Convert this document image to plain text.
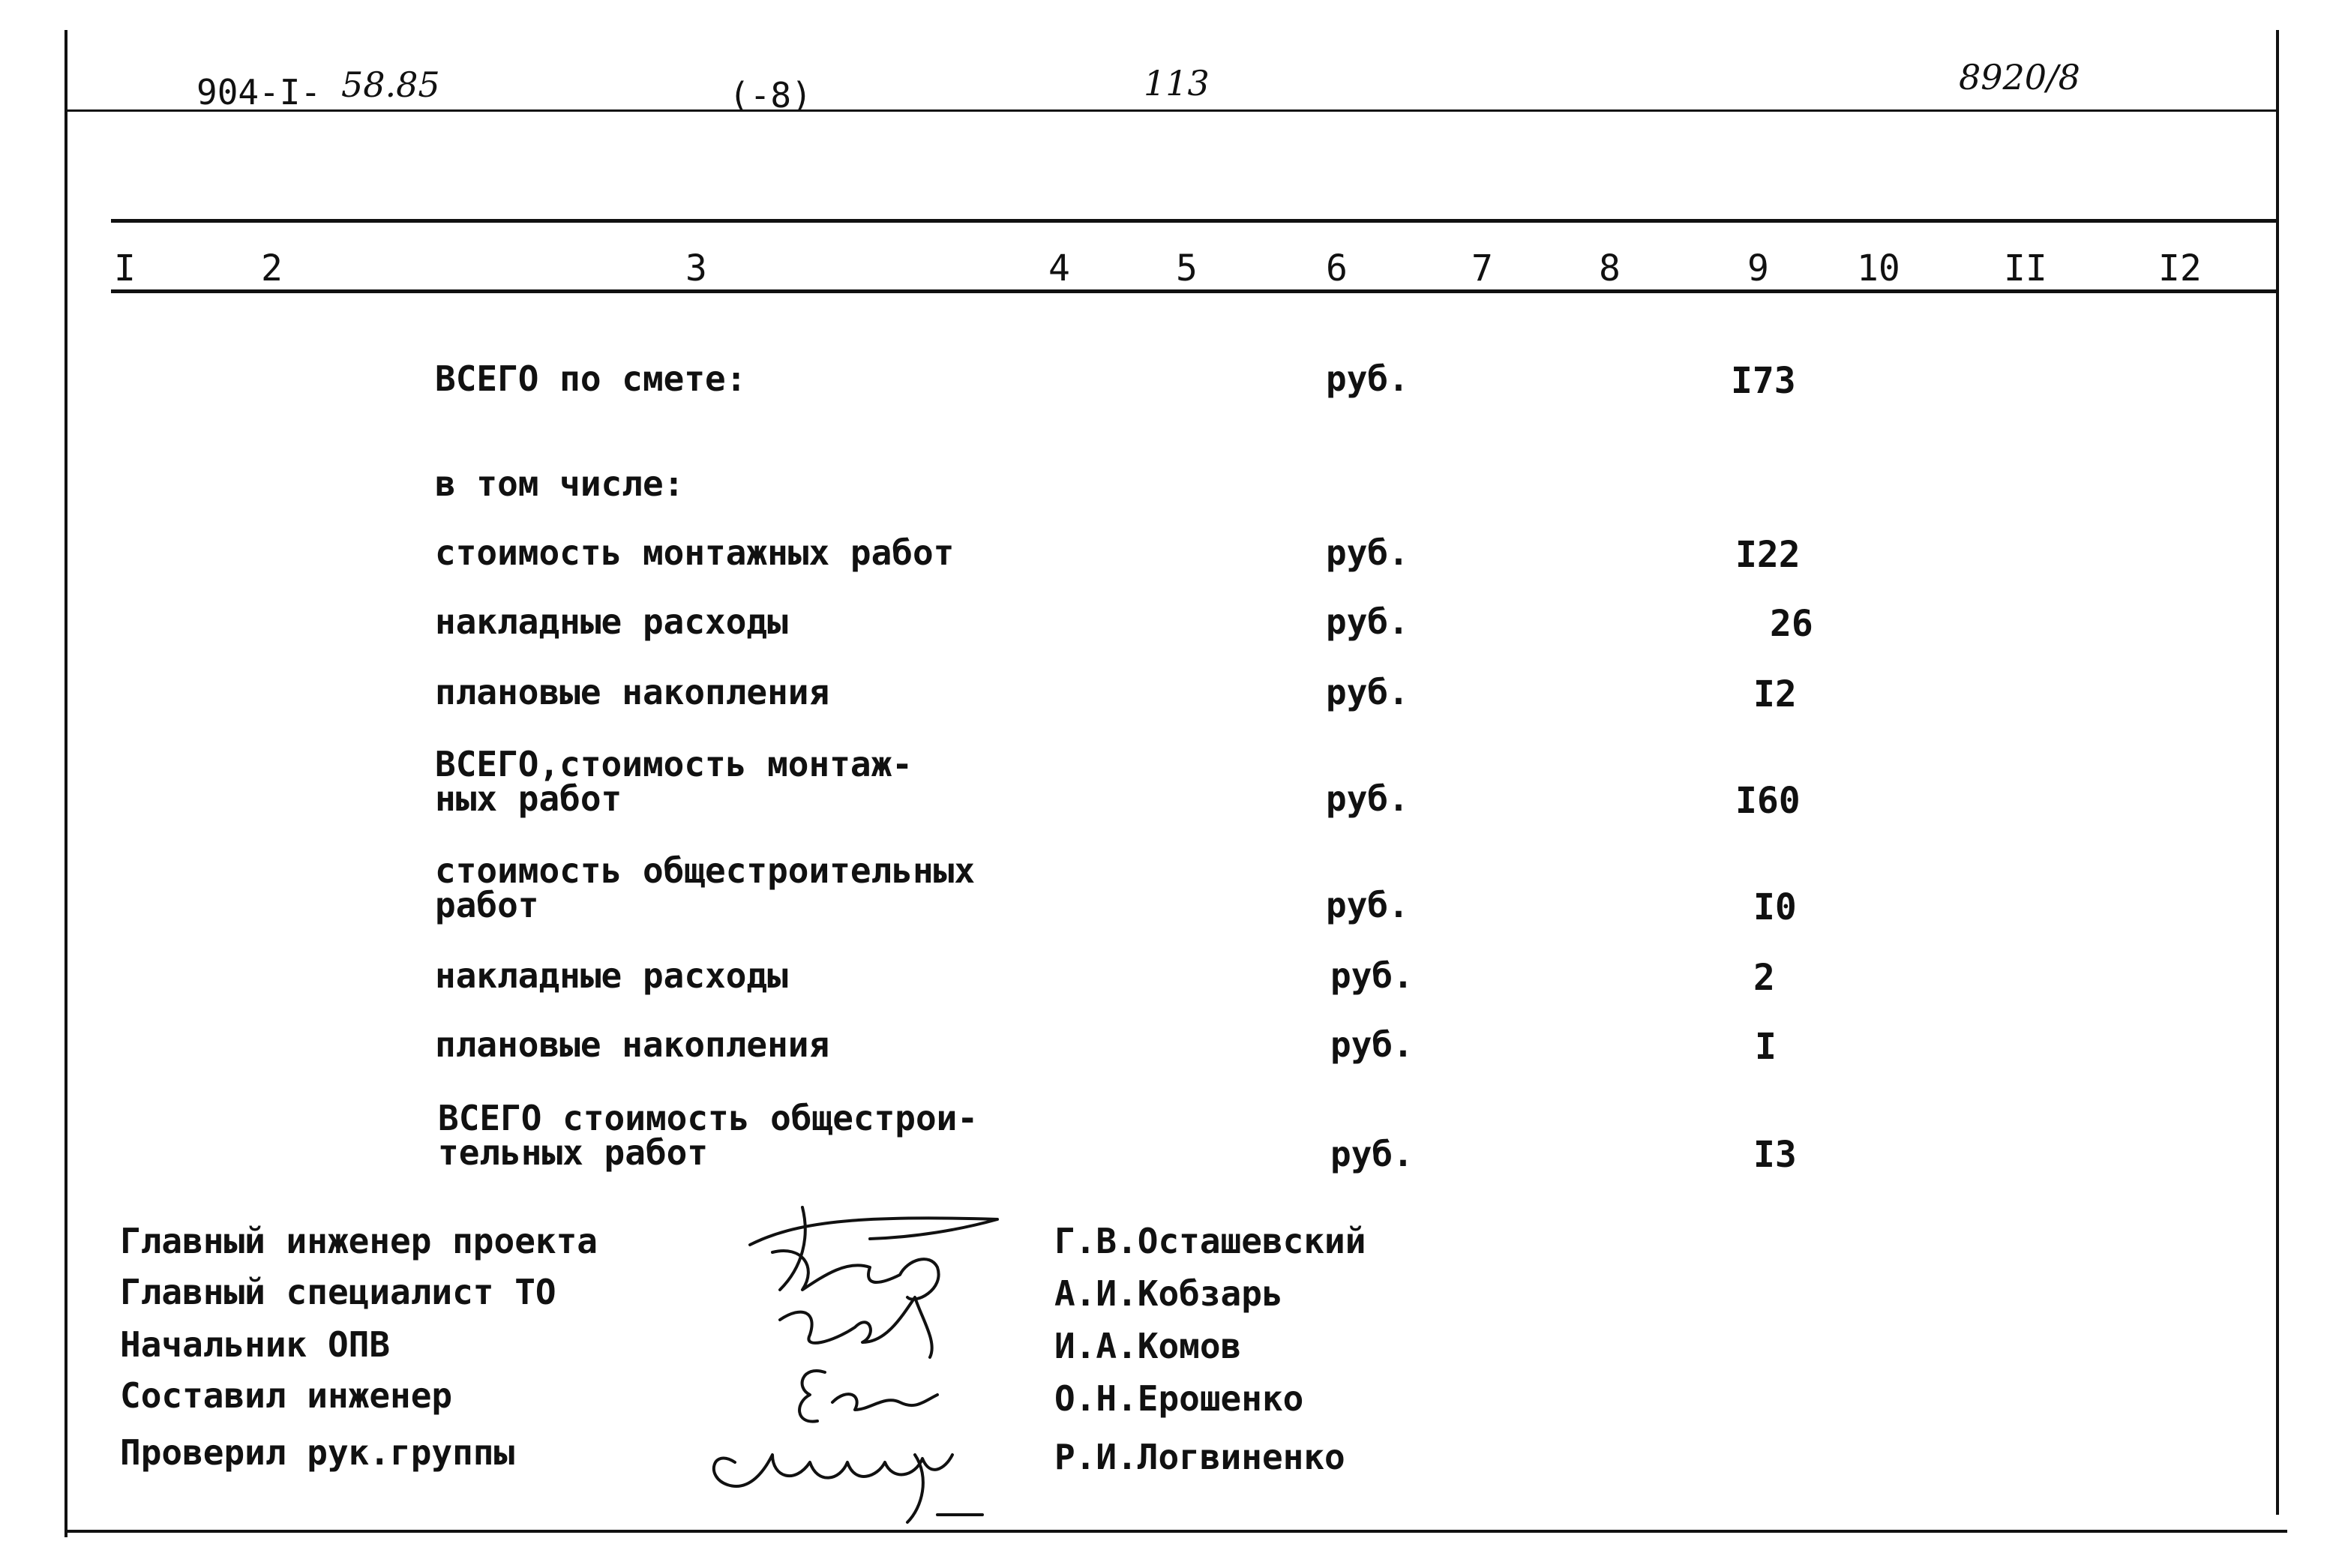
904-I- 58.85	(-8)	113	8920/8
I	2	3	4	5	6	7	8	9 10	II	I2
ВСЕГО по смете:	руб.	I73
в том числе:
стоимость монтажных работ	руб.	I22
накладные расходы	руб.	26
плановые накопления	руб.	I2
ВСЕГО,стоимость монтаж-
ных работ	руб.	I60
стоимость общестроительных
работ	руб.	I0
накладные расходы	руб.	2
плановые накопления	руб.	I
ВСЕГО стоимость общестрои-
тельных работ	руб.	I3
Главный инженер проекта	Г.В.Осташевский
Главный специалист ТО	А.И.Кобзарь
Начальник ОПВ	И.А.Комов
Составил инженер	О.Н.Ерошенко
Проверил рук.группы	Р.И.Логвиненко
